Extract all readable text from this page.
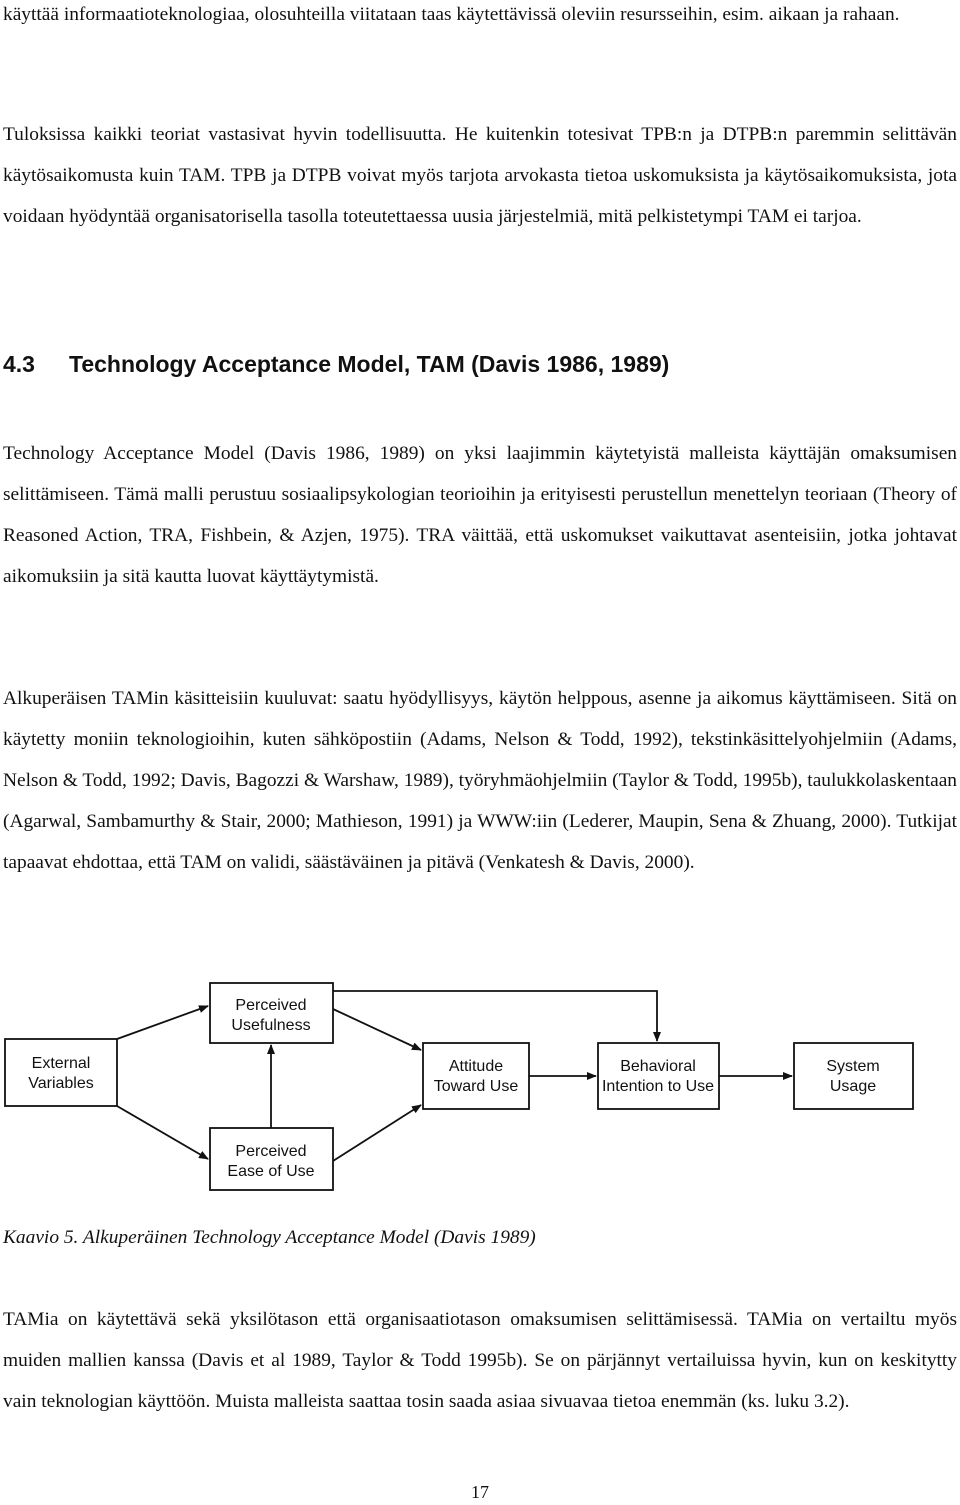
käyttää informaatioteknologiaa, olosuhteilla viitataan taas käytettävissä oleviin resursseihin, esim. aikaan ja rahaan.

Tuloksissa kaikki teoriat vastasivat hyvin todellisuutta. He kuitenkin totesivat TPB:n ja DTPB:n paremmin selittävän käytösaikomusta kuin TAM. TPB ja DTPB voivat myös tarjota arvokasta tietoa uskomuksista ja käytösaikomuksista, jota voidaan hyödyntää organisatorisella tasolla toteutettaessa uusia järjestelmiä, mitä pelkistetympi TAM ei tarjoa.

4.3 Technology Acceptance Model, TAM (Davis 1986, 1989)

Technology Acceptance Model (Davis 1986, 1989) on yksi laajimmin käytetyistä malleista käyttäjän omaksumisen selittämiseen. Tämä malli perustuu sosiaalipsykologian teorioihin ja erityisesti perustellun menettelyn teoriaan (Theory of Reasoned Action, TRA, Fishbein, & Azjen, 1975). TRA väittää, että uskomukset vaikuttavat asenteisiin, jotka johtavat aikomuksiin ja sitä kautta luovat käyttäytymistä.

Alkuperäisen TAMin käsitteisiin kuuluvat: saatu hyödyllisyys, käytön helppous, asenne ja aikomus käyttämiseen. Sitä on käytetty moniin teknologioihin, kuten sähköpostiin (Adams, Nelson & Todd, 1992), tekstinkäsittelyohjelmiin (Adams, Nelson & Todd, 1992; Davis, Bagozzi & Warshaw, 1989), työryhmäohjelmiin (Taylor & Todd, 1995b), taulukkolaskentaan (Agarwal, Sambamurthy & Stair, 2000; Mathieson, 1991) ja WWW:iin (Lederer, Maupin, Sena & Zhuang, 2000). Tutkijat tapaavat ehdottaa, että TAM on validi, säästäväinen ja pitävä (Venkatesh & Davis, 2000).

External
Variables
Perceived
Usefulness
Perceived
Ease of Use
Attitude
Toward Use
Behavioral
Intention to Use
System
Usage

Kaavio 5. Alkuperäinen Technology Acceptance Model (Davis 1989)

TAMia on käytettävä sekä yksilötason että organisaatiotason omaksumisen selittämisessä. TAMia on vertailtu myös muiden mallien kanssa (Davis et al 1989, Taylor & Todd 1995b). Se on pärjännyt vertailuissa hyvin, kun on keskitytty vain teknologian käyttöön. Muista malleista saattaa tosin saada asiaa sivuavaa tietoa enemmän (ks. luku 3.2).

17
